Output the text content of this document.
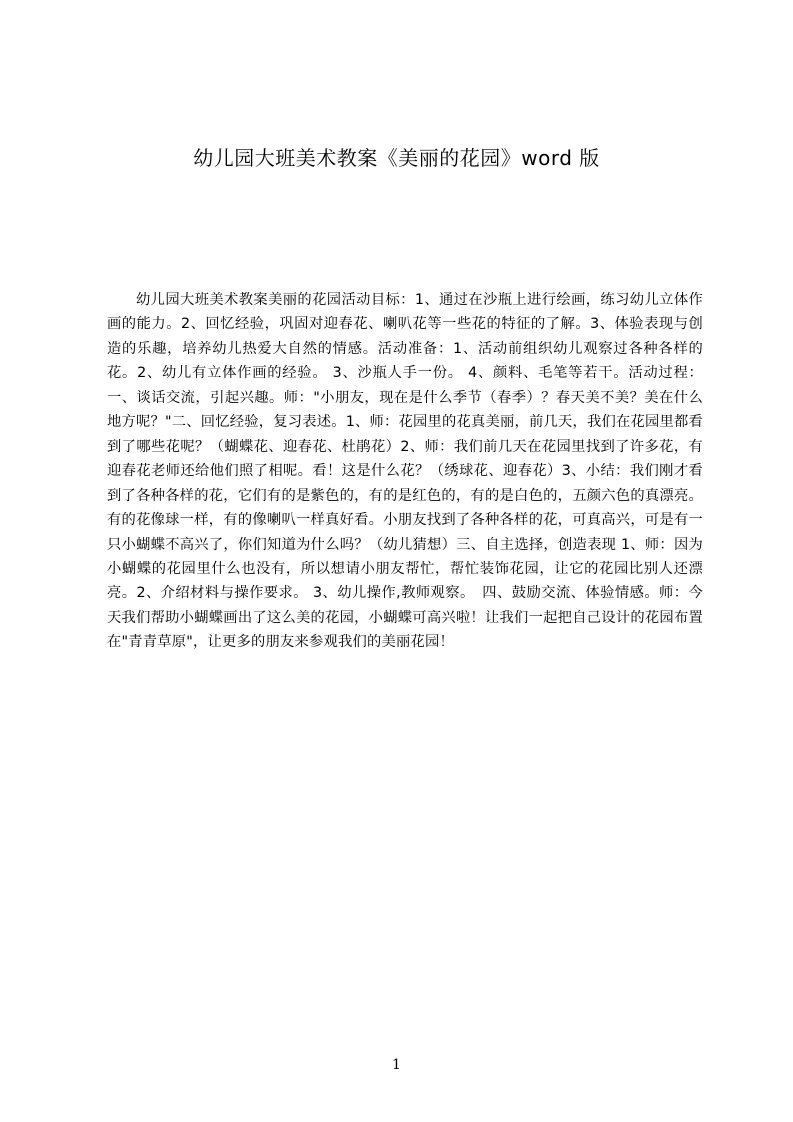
幼儿园大班美术教案《美丽的花园》word 版

幼儿园大班美术教案美丽的花园活动目标：1、通过在沙瓶上进行绘画，练习幼儿立体作画的能力。2、回忆经验，巩固对迎春花、喇叭花等一些花的特征的了解。3、体验表现与创造的乐趣，培养幼儿热爱大自然的情感。活动准备：1、活动前组织幼儿观察过各种各样的花。2、幼儿有立体作画的经验。 3、沙瓶人手一份。 4、颜料、毛笔等若干。活动过程：一、谈话交流，引起兴趣。师："小朋友，现在是什么季节（春季）？春天美不美？美在什么地方呢？"二、回忆经验，复习表述。1、师：花园里的花真美丽，前几天，我们在花园里都看到了哪些花呢？（蝴蝶花、迎春花、杜鹃花）2、师：我们前几天在花园里找到了许多花，有迎春花老师还给他们照了相呢。看！这是什么花？（绣球花、迎春花）3、小结：我们刚才看到了各种各样的花，它们有的是紫色的，有的是红色的，有的是白色的，五颜六色的真漂亮。有的花像球一样，有的像喇叭一样真好看。小朋友找到了各种各样的花，可真高兴，可是有一只小蝴蝶不高兴了，你们知道为什么吗？（幼儿猜想）三、自主选择，创造表现 1、师：因为小蝴蝶的花园里什么也没有，所以想请小朋友帮忙，帮忙装饰花园，让它的花园比别人还漂亮。2、介绍材料与操作要求。 3、幼儿操作,教师观察。　四、鼓励交流、体验情感。师：今天我们帮助小蝴蝶画出了这么美的花园，小蝴蝶可高兴啦！让我们一起把自己设计的花园布置在"青青草原"，让更多的朋友来参观我们的美丽花园！

1
